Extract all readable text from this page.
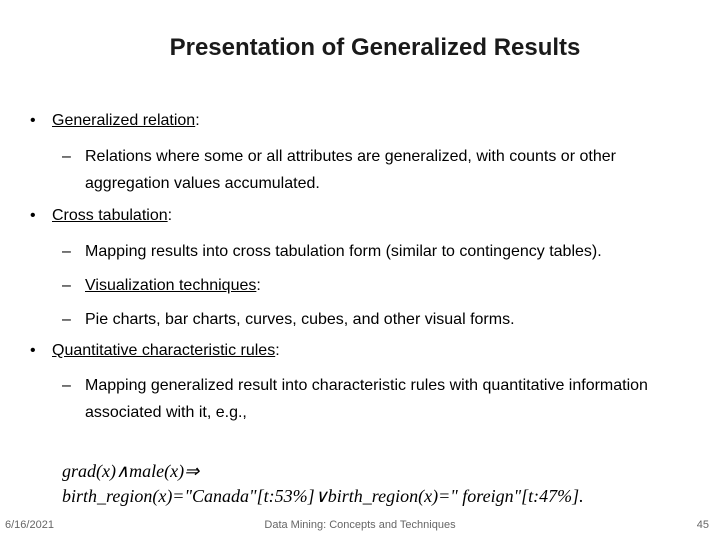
Presentation of Generalized Results
• Generalized relation:
– Relations where some or all attributes are generalized, with counts or other aggregation values accumulated.
• Cross tabulation:
– Mapping results into cross tabulation form (similar to contingency tables).
– Visualization techniques:
– Pie charts, bar charts, curves, cubes, and other visual forms.
• Quantitative characteristic rules:
– Mapping generalized result into characteristic rules with quantitative information associated with it, e.g.,
grad(x)∧male(x)⇒
birth_region(x)="Canada"[t:53%]∨birth_region(x)=" foreign"[t:47%].
6/16/2021	Data Mining: Concepts and Techniques	45
